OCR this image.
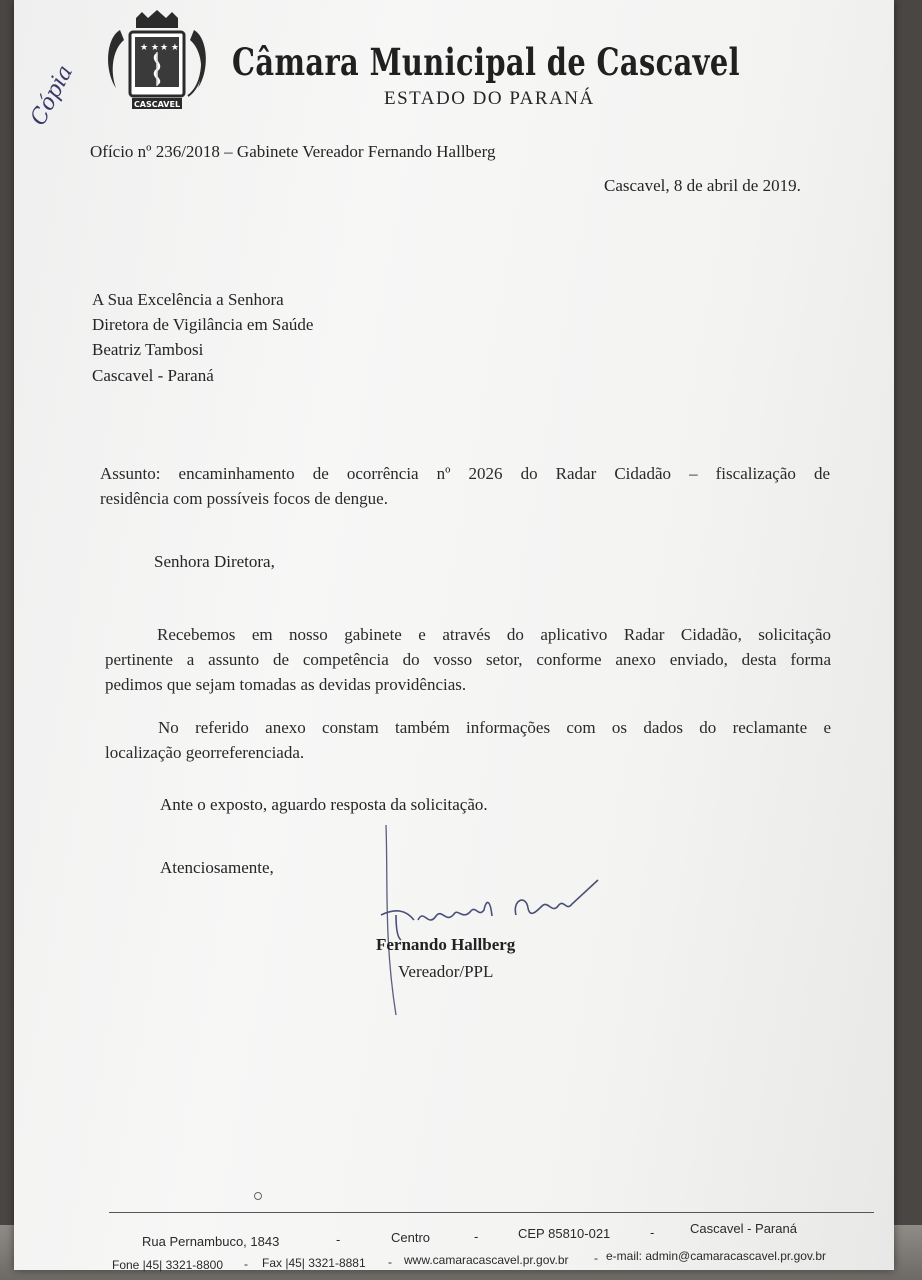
★ ★ ★ ★
CASCAVEL
Câmara Municipal de Cascavel
ESTADO DO PARANÁ
Cópia
Ofício nº 236/2018 – Gabinete Vereador Fernando Hallberg
Cascavel, 8 de abril de 2019.
A Sua Excelência a Senhora
Diretora de Vigilância em Saúde
Beatriz Tambosi
Cascavel - Paraná
Assunto: encaminhamento de ocorrência nº 2026 do Radar Cidadão – fiscalização de
residência com possíveis focos de dengue.
Senhora Diretora,
Recebemos em nosso gabinete e através do aplicativo Radar Cidadão, solicitação
pertinente a assunto de competência do vosso setor, conforme anexo enviado, desta forma
pedimos que sejam tomadas as devidas providências.
No referido anexo constam também informações com os dados do reclamante e
localização georreferenciada.
Ante o exposto, aguardo resposta da solicitação.
Atenciosamente,
Fernando Hallberg
Vereador/PPL
Rua Pernambuco, 1843	-	Centro	-	CEP 85810-021	-	Cascavel - Paraná
Fone |45| 3321-8800 - Fax |45| 3321-8881 - www.camaracascavel.pr.gov.br - e-mail: admin@camaracascavel.pr.gov.br
